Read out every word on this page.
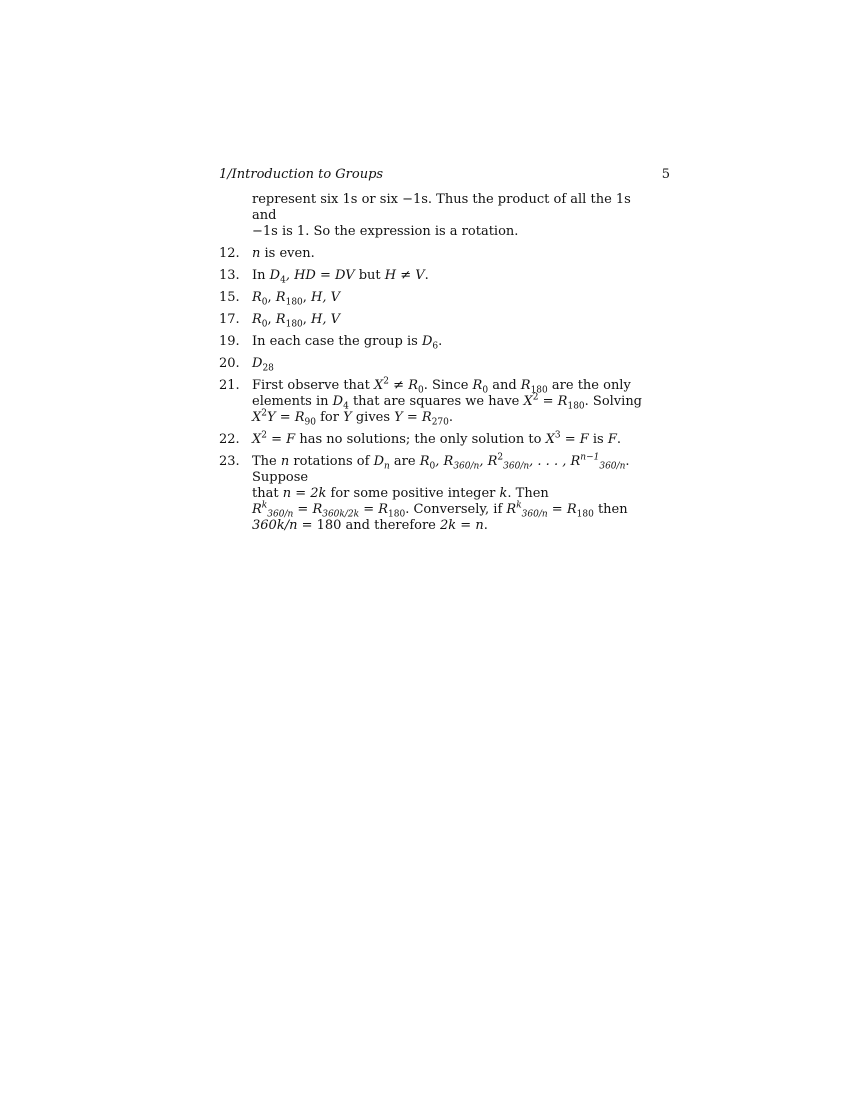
1/Introduction to Groups	5
represent six 1s or six −1s. Thus the product of all the 1s and
−1s is 1. So the expression is a rotation.
12. n is even.
13. In $D_4$, HD = DV but H ≠ V.
15. $R_0$, $R_{180}$, H, V
17. $R_0$, $R_{180}$, H, V
19. In each case the group is $D_6$.
20. $D_{28}$
21. First observe that $X^2 \ne R_0$. Since $R_0$ and $R_{180}$ are the only
elements in $D_4$ that are squares we have $X^2 = R_{180}$. Solving
$X^2Y = R_{90}$ for Y gives $Y = R_{270}$.
22. $X^2 = F$ has no solutions; the only solution to $X^3 = F$ is F.
23. The n rotations of $D_n$ are $R_0$, $R_{360/n}$, $R^2_{360/n}$, . . . , $R^{n-1}_{360/n}$. Suppose
that n = 2k for some positive integer k. Then
$R^k_{360/n} = R_{360k/2k} = R_{180}$. Conversely, if $R^k_{360/n} = R_{180}$ then
360k/n = 180 and therefore 2k = n.
